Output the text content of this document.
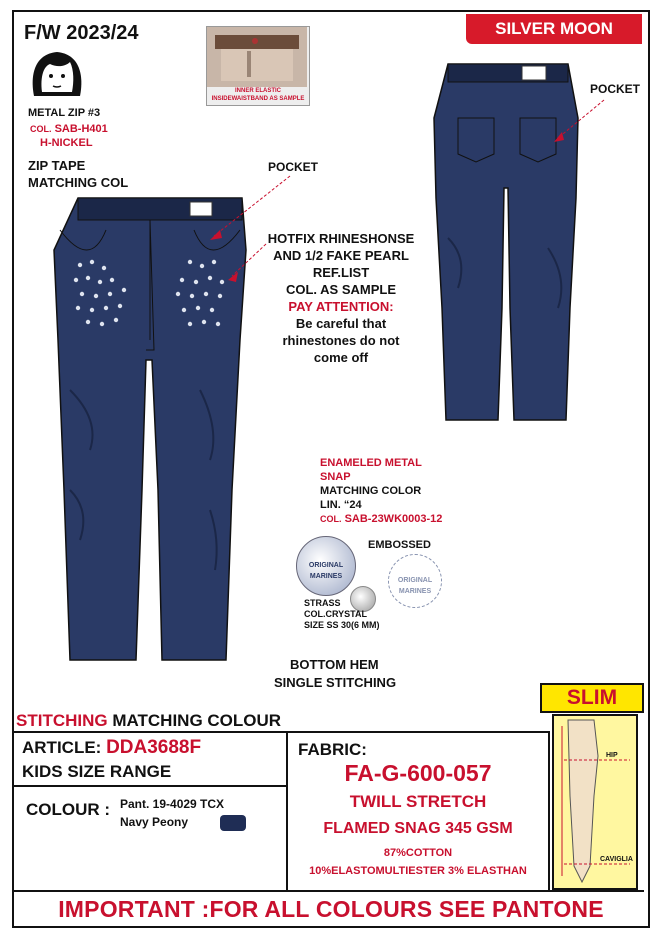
F/W 2023/24	SILVER MOON
INNER ELASTIC INSIDEWAISTBAND AS SAMPLE
METAL ZIP #3
COL. SAB-H401
H-NICKEL
ZIP TAPE
MATCHING COL
POCKET
POCKET
HOTFIX RHINESHONSE
AND 1/2 FAKE PEARL
REF.LIST
COL. AS SAMPLE
PAY ATTENTION:
Be careful that
rhinestones do not
come off
ENAMELED METAL
SNAP
MATCHING COLOR
LIN. “24
COL. SAB-23WK0003-12
ORIGINAL MARINES
EMBOSSED
ORIGINAL MARINES
STRASS
COL.CRYSTAL
SIZE SS 30(6 MM)
BOTTOM HEM
SINGLE STITCHING
STITCHING MATCHING COLOUR
ARTICLE: DDA3688F
KIDS SIZE RANGE
COLOUR : Pant. 19-4029 TCX
Navy Peony
FABRIC:
FA-G-600-057
TWILL STRETCH
FLAMED SNAG 345 GSM
87%COTTON
10%ELASTOMULTIESTER 3% ELASTHAN
SLIM
HIP
CAVIGLIA
IMPORTANT :FOR ALL COLOURS SEE PANTONE
